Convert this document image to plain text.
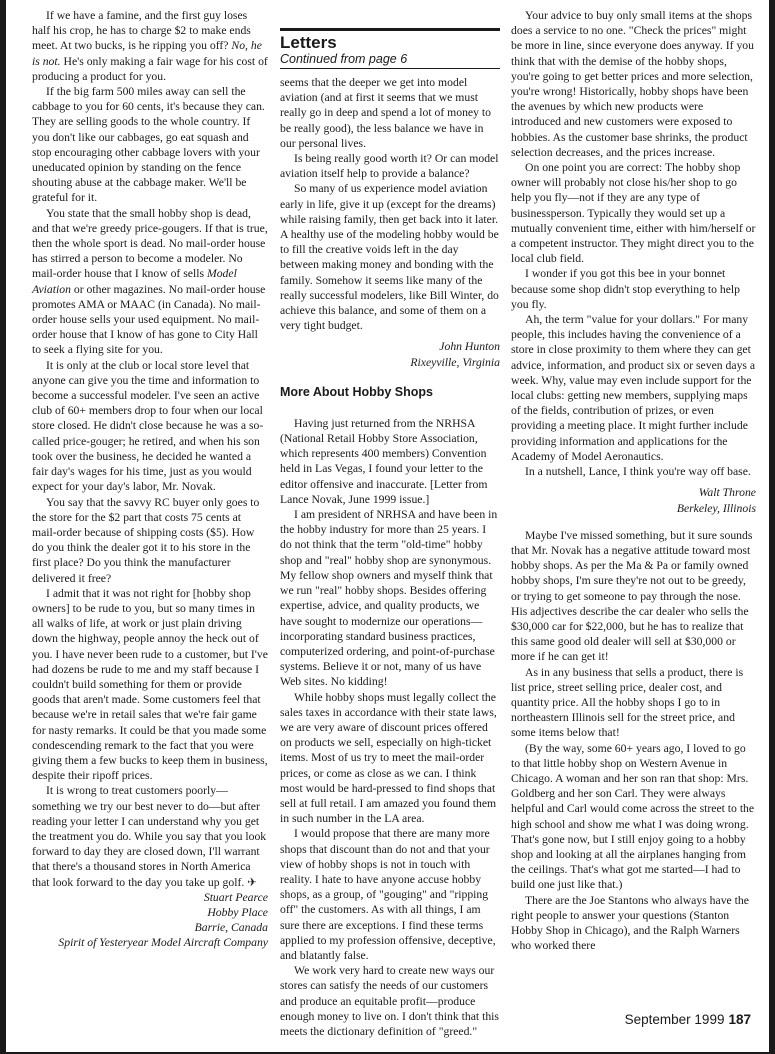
If we have a famine, and the first guy loses half his crop, he has to charge $2 to make ends meet. At two bucks, is he ripping you off? No, he is not. He's only making a fair wage for his cost of producing a product for you.

If the big farm 500 miles away can sell the cabbage to you for 60 cents, it's because they can. They are selling goods to the whole country. If you don't like our cabbages, go eat squash and stop encouraging other cabbage lovers with your uneducated opinion by standing on the fence shouting abuse at the cabbage maker. We'll be grateful for it.

You state that the small hobby shop is dead, and that we're greedy price-gougers. If that is true, then the whole sport is dead. No mail-order house has stirred a person to become a modeler. No mail-order house that I know of sells Model Aviation or other magazines. No mail-order house promotes AMA or MAAC (in Canada). No mail-order house sells your used equipment. No mail-order house that I know of has gone to City Hall to seek a flying site for you.

It is only at the club or local store level that anyone can give you the time and information to become a successful modeler. I've seen an active club of 60+ members drop to four when our local store closed. He didn't close because he was a so-called price-gouger; he retired, and when his son took over the business, he decided he wanted a fair day's wages for his time, just as you would expect for your day's labor, Mr. Novak.

You say that the savvy RC buyer only goes to the store for the $2 part that costs 75 cents at mail-order because of shipping costs ($5). How do you think the dealer got it to his store in the first place? Do you think the manufacturer delivered it free?

I admit that it was not right for [hobby shop owners] to be rude to you, but so many times in all walks of life, at work or just plain driving down the highway, people annoy the heck out of you. I have never been rude to a customer, but I've had dozens be rude to me and my staff because I couldn't build something for them or provide goods that aren't made. Some customers feel that because we're in retail sales that we're fair game for nasty remarks. It could be that you made some condescending remark to the fact that you were giving them a few bucks to keep them in business, despite their ripoff prices.

It is wrong to treat customers poorly—something we try our best never to do—but after reading your letter I can understand why you get the treatment you do. While you say that you look forward to day they are closed down, I'll warrant that there's a thousand stores in North America that look forward to the day you take up golf. ✈

Stuart Pearce

Hobby Place

Barrie, Canada

Spirit of Yesteryear Model Aircraft Company

Letters
Continued from page 6

seems that the deeper we get into model aviation (and at first it seems that we must really go in deep and spend a lot of money to be really good), the less balance we have in our personal lives.

Is being really good worth it? Or can model aviation itself help to provide a balance?

So many of us experience model aviation early in life, give it up (except for the dreams) while raising family, then get back into it later. A healthy use of the modeling hobby would be to fill the creative voids left in the day between making money and bonding with the family. Somehow it seems like many of the really successful modelers, like Bill Winter, do achieve this balance, and some of them on a very tight budget.

John Hunton

Rixeyville, Virginia

More About Hobby Shops

Having just returned from the NRHSA (National Retail Hobby Store Association, which represents 400 members) Convention held in Las Vegas, I found your letter to the editor offensive and inaccurate. [Letter from Lance Novak, June 1999 issue.]

I am president of NRHSA and have been in the hobby industry for more than 25 years. I do not think that the term "old-time" hobby shop and "real" hobby shop are synonymous. My fellow shop owners and myself think that we run "real" hobby shops. Besides offering expertise, advice, and quality products, we have sought to modernize our operations—incorporating standard business practices, computerized ordering, and point-of-purchase systems. Believe it or not, many of us have Web sites. No kidding!

While hobby shops must legally collect the sales taxes in accordance with their state laws, we are very aware of discount prices offered on products we sell, especially on high-ticket items. Most of us try to meet the mail-order prices, or come as close as we can. I think most would be hard-pressed to find shops that sell at full retail. I am amazed you found them in such number in the LA area.

I would propose that there are many more shops that discount than do not and that your view of hobby shops is not in touch with reality. I hate to have anyone accuse hobby shops, as a group, of "gouging" and "ripping off" the customers. As with all things, I am sure there are exceptions. I find these terms applied to my profession offensive, deceptive, and blatantly false.

We work very hard to create new ways our stores can satisfy the needs of our customers and produce an equitable profit—produce enough money to live on. I don't think that this meets the dictionary definition of "greed."

Your advice to buy only small items at the shops does a service to no one. "Check the prices" might be more in line, since everyone does anyway. If you think that with the demise of the hobby shops, you're going to get better prices and more selection, you're wrong! Historically, hobby shops have been the avenues by which new products were introduced and new customers were exposed to hobbies. As the customer base shrinks, the product selection decreases, and the prices increase.

On one point you are correct: The hobby shop owner will probably not close his/her shop to go help you fly—not if they are any type of businessperson. Typically they would set up a mutually convenient time, either with him/herself or a competent instructor. They might direct you to the local club field.

I wonder if you got this bee in your bonnet because some shop didn't stop everything to help you fly.

Ah, the term "value for your dollars." For many people, this includes having the convenience of a store in close proximity to them where they can get advice, information, and product six or seven days a week. Why, value may even include support for the local clubs: getting new members, supplying maps of the fields, contribution of prizes, or even providing a meeting place. It might further include providing information and applications for the Academy of Model Aeronautics.

In a nutshell, Lance, I think you're way off base.

Walt Throne

Berkeley, Illinois

Maybe I've missed something, but it sure sounds that Mr. Novak has a negative attitude toward most hobby shops. As per the Ma & Pa or family owned hobby shops, I'm sure they're not out to be greedy, or trying to get someone to pay through the nose. His adjectives describe the car dealer who sells the $30,000 car for $22,000, but he has to realize that this same good old dealer will sell at $30,000 or more if he can get it!

As in any business that sells a product, there is list price, street selling price, dealer cost, and quantity price. All the hobby shops I go to in northeastern Illinois sell for the street price, and some items below that!

(By the way, some 60+ years ago, I loved to go to that little hobby shop on Western Avenue in Chicago. A woman and her son ran that shop: Mrs. Goldberg and her son Carl. They were always helpful and Carl would come across the street to the high school and show me what I was doing wrong. That's gone now, but I still enjoy going to a hobby shop and looking at all the airplanes hanging from the ceilings. That's what got me started—I had to build one just like that.)

There are the Joe Stantons who always have the right people to answer your questions (Stanton Hobby Shop in Chicago), and the Ralph Warners who worked there

September 1999 187
